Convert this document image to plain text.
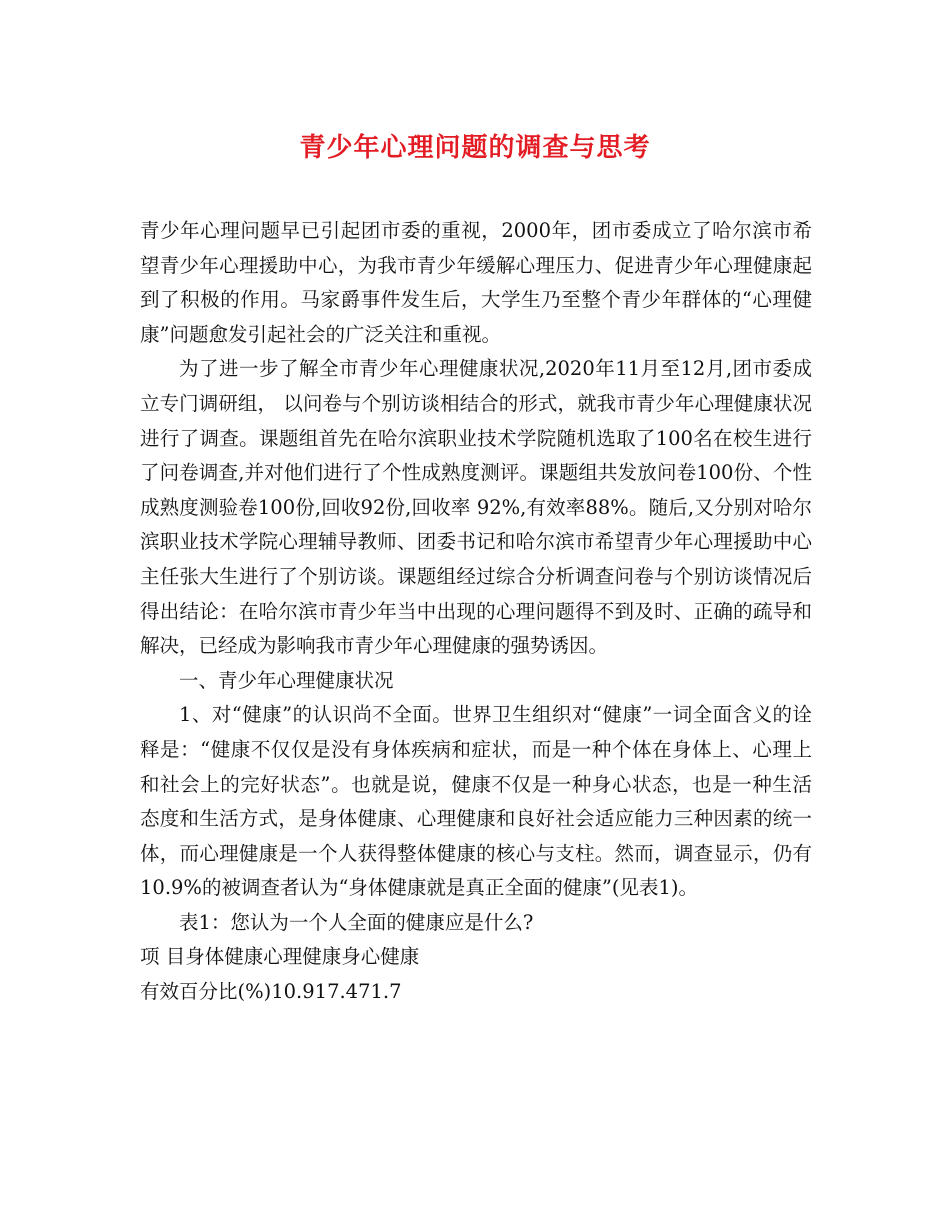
青少年心理问题的调查与思考

青少年心理问题早已引起团市委的重视，2000年，团市委成立了哈尔滨市希望青少年心理援助中心，为我市青少年缓解心理压力、促进青少年心理健康起到了积极的作用。马家爵事件发生后，大学生乃至整个青少年群体的“心理健康”问题愈发引起社会的广泛关注和重视。

为了进一步了解全市青少年心理健康状况,2020年11月至12月,团市委成立专门调研组， 以问卷与个别访谈相结合的形式，就我市青少年心理健康状况进行了调查。课题组首先在哈尔滨职业技术学院随机选取了100名在校生进行了问卷调查,并对他们进行了个性成熟度测评。课题组共发放问卷100份、个性成熟度测验卷100份,回收92份,回收率 92%,有效率88%。随后,又分别对哈尔滨职业技术学院心理辅导教师、团委书记和哈尔滨市希望青少年心理援助中心主任张大生进行了个别访谈。课题组经过综合分析调查问卷与个别访谈情况后得出结论：在哈尔滨市青少年当中出现的心理问题得不到及时、正确的疏导和解决，已经成为影响我市青少年心理健康的强势诱因。

一、青少年心理健康状况

1、对“健康”的认识尚不全面。世界卫生组织对“健康”一词全面含义的诠释是：“健康不仅仅是没有身体疾病和症状，而是一种个体在身体上、心理上和社会上的完好状态”。也就是说，健康不仅是一种身心状态，也是一种生活态度和生活方式，是身体健康、心理健康和良好社会适应能力三种因素的统一体，而心理健康是一个人获得整体健康的核心与支柱。然而，调查显示，仍有10.9%的被调查者认为“身体健康就是真正全面的健康”(见表1)。

表1：您认为一个人全面的健康应是什么?

项 目身体健康心理健康身心健康

有效百分比(%)10.917.471.7
